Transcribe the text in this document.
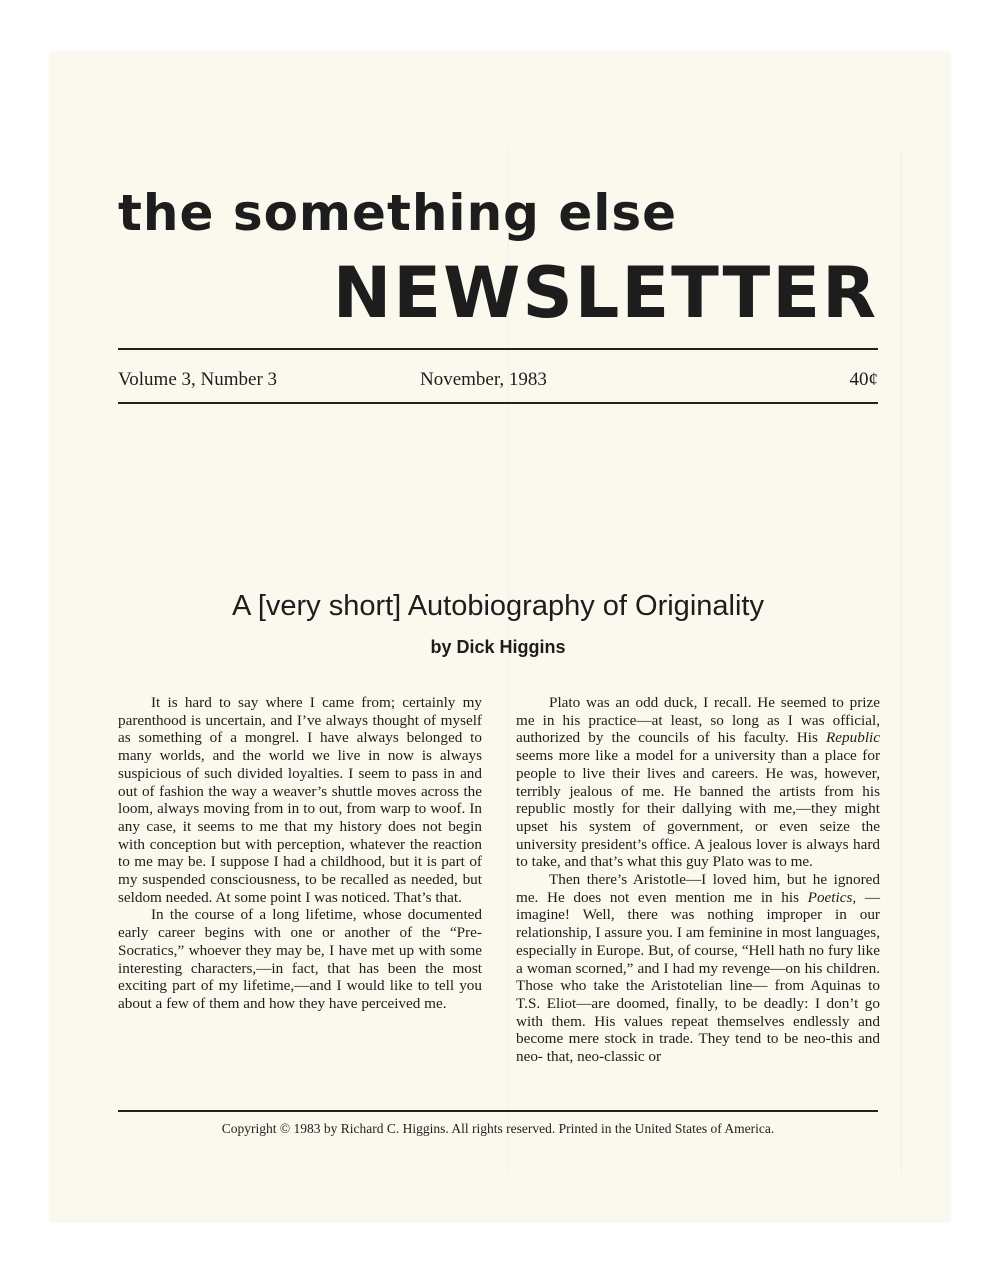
the something else
NEWSLETTER
Volume 3, Number 3	November, 1983	40¢
A [very short] Autobiography of Originality
by Dick Higgins

It is hard to say where I came from; certainly my parenthood is uncertain, and I’ve always thought of myself as something of a mongrel. I have always belonged to many worlds, and the world we live in now is always suspicious of such divided loyalties. I seem to pass in and out of fashion the way a weaver’s shuttle moves across the loom, always moving from in to out, from warp to woof. In any case, it seems to me that my history does not begin with conception but with perception, whatever the reaction to me may be. I suppose I had a childhood, but it is part of my suspended consciousness, to be recalled as needed, but seldom needed. At some point I was noticed. That’s that.

In the course of a long lifetime, whose documented early career begins with one or another of the “Pre-Socratics,” whoever they may be, I have met up with some interesting characters,—in fact, that has been the most exciting part of my lifetime,—and I would like to tell you about a few of them and how they have perceived me.

Plato was an odd duck, I recall. He seemed to prize me in his practice—at least, so long as I was official, authorized by the councils of his faculty. His Republic seems more like a model for a university than a place for people to live their lives and careers. He was, however, terribly jealous of me. He banned the artists from his republic mostly for their dallying with me,—they might upset his system of government, or even seize the university president’s office. A jealous lover is always hard to take, and that’s what this guy Plato was to me.

Then there’s Aristotle—I loved him, but he ignored me. He does not even mention me in his Poetics, —imagine! Well, there was nothing improper in our relationship, I assure you. I am feminine in most languages, especially in Europe. But, of course, “Hell hath no fury like a woman scorned,” and I had my revenge—on his children. Those who take the Aristotelian line— from Aquinas to T.S. Eliot—are doomed, finally, to be deadly: I don’t go with them. His values repeat themselves endlessly and become mere stock in trade. They tend to be neo-this and neo- that, neo-classic or

Copyright © 1983 by Richard C. Higgins. All rights reserved. Printed in the United States of America.
